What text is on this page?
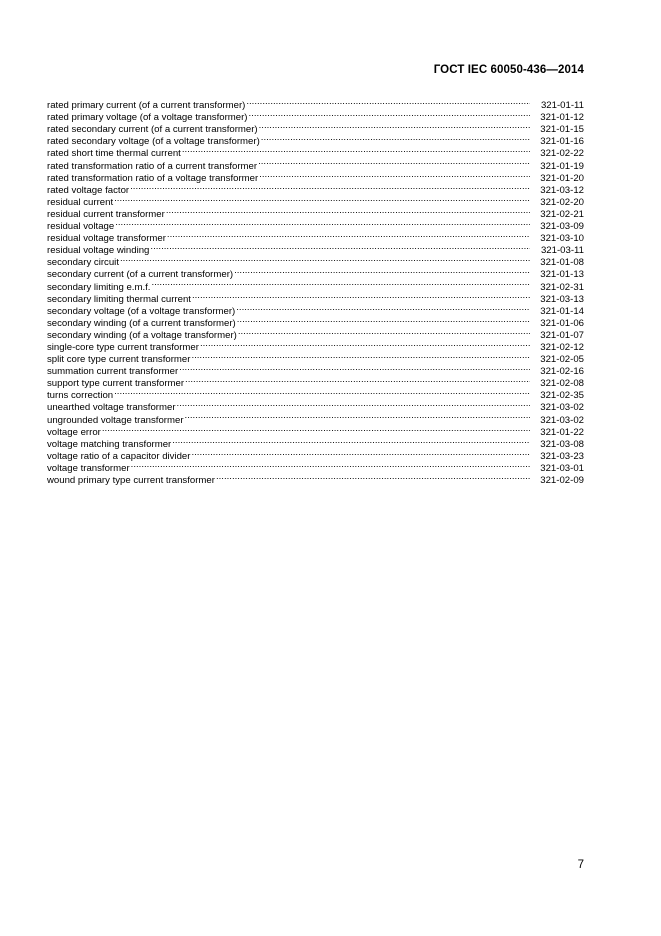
ГОСТ IEC 60050-436—2014
rated primary current (of a current transformer) .....	321-01-11
rated primary voltage (of a voltage transformer) .....	321-01-12
rated secondary current (of a current transformer) .....	321-01-15
rated secondary voltage (of a voltage transformer) .....	321-01-16
rated short time thermal current .....	321-02-22
rated transformation ratio of a current transformer .....	321-01-19
rated transformation ratio of a voltage transformer .....	321-01-20
rated voltage factor .....	321-03-12
residual current .....	321-02-20
residual current transformer .....	321-02-21
residual voltage .....	321-03-09
residual voltage transformer .....	321-03-10
residual voltage winding .....	321-03-11
secondary circuit .....	321-01-08
secondary current (of a current transformer) .....	321-01-13
secondary limiting e.m.f. .....	321-02-31
secondary limiting thermal current .....	321-03-13
secondary voltage (of a voltage transformer) .....	321-01-14
secondary winding (of a current transformer) .....	321-01-06
secondary winding (of a voltage transformer) .....	321-01-07
single-core type current transformer .....	321-02-12
split core type current transformer .....	321-02-05
summation current transformer .....	321-02-16
support type current transformer .....	321-02-08
turns correction .....	321-02-35
unearthed voltage transformer .....	321-03-02
ungrounded voltage transformer .....	321-03-02
voltage error .....	321-01-22
voltage matching transformer .....	321-03-08
voltage ratio of a capacitor divider .....	321-03-23
voltage transformer .....	321-03-01
wound primary type current transformer .....	321-02-09
7
